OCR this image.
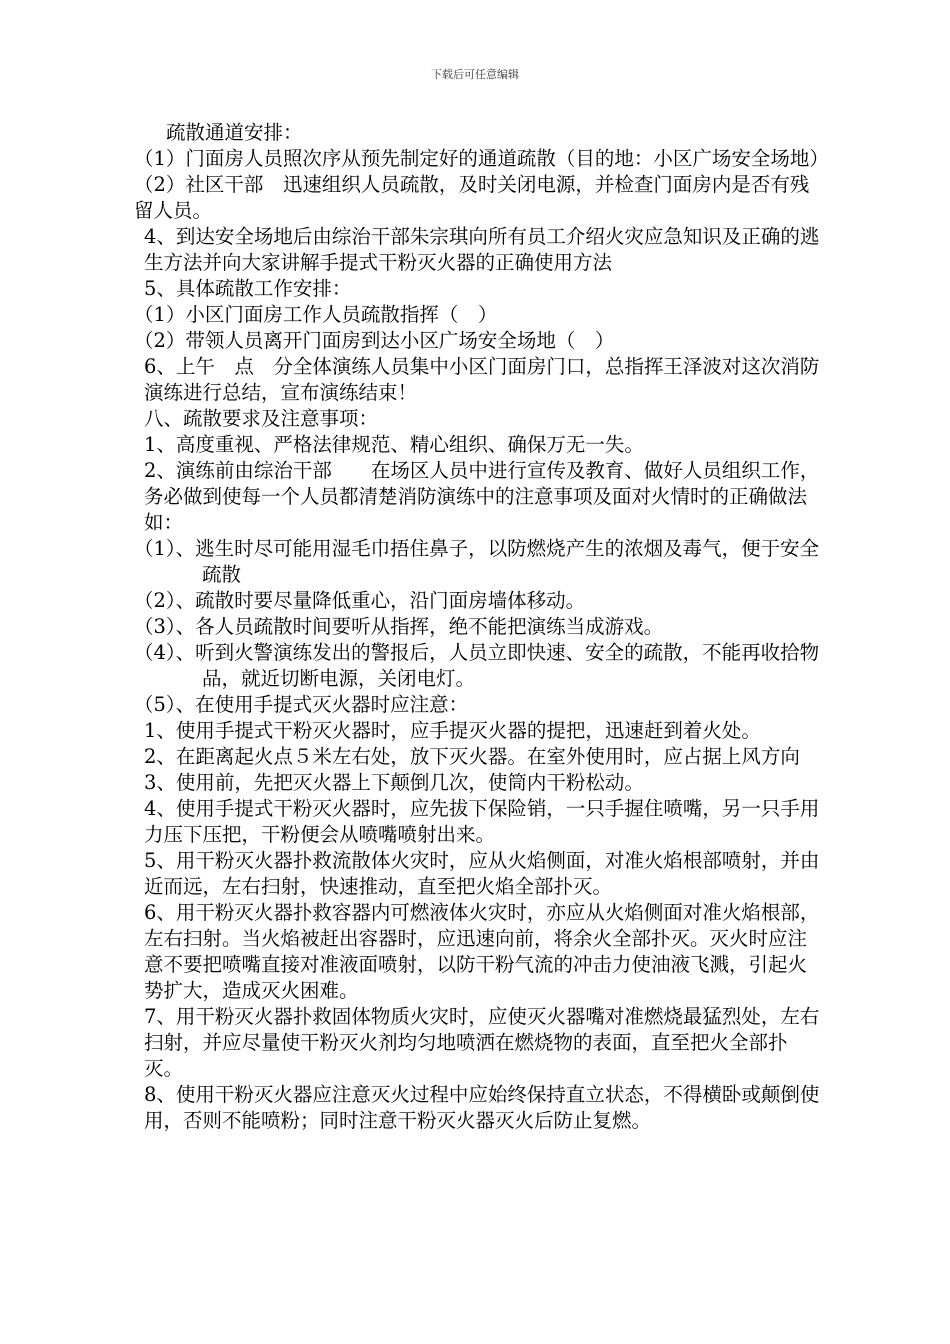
下载后可任意编辑

疏散通道安排：

（1）门面房人员照次序从预先制定好的通道疏散（目的地：小区广场安全场地）

（2）社区干部　迅速组织人员疏散，及时关闭电源，并检查门面房内是否有残留人员。

4、到达安全场地后由综治干部朱宗琪向所有员工介绍火灾应急知识及正确的逃生方法并向大家讲解手提式干粉灭火器的正确使用方法

5、具体疏散工作安排：

（1）小区门面房工作人员疏散指挥（　）

（2）带领人员离开门面房到达小区广场安全场地（　）

6、上午　点　分全体演练人员集中小区门面房门口，总指挥王泽波对这次消防演练进行总结，宣布演练结束！

八、疏散要求及注意事项：

1、高度重视、严格法律规范、精心组织、确保万无一失。

2、演练前由综治干部　　在场区人员中进行宣传及教育、做好人员组织工作，务必做到使每一个人员都清楚消防演练中的注意事项及面对火情时的正确做法如：

（1）、逃生时尽可能用湿毛巾捂住鼻子，以防燃烧产生的浓烟及毒气，便于安全疏散

（2）、疏散时要尽量降低重心，沿门面房墙体移动。

（3）、各人员疏散时间要听从指挥，绝不能把演练当成游戏。

（4）、听到火警演练发出的警报后，人员立即快速、安全的疏散，不能再收拾物品，就近切断电源，关闭电灯。

（5）、在使用手提式灭火器时应注意：

1、使用手提式干粉灭火器时，应手提灭火器的提把，迅速赶到着火处。

2、在距离起火点５米左右处，放下灭火器。在室外使用时，应占据上风方向

3、使用前，先把灭火器上下颠倒几次，使筒内干粉松动。

4、使用手提式干粉灭火器时，应先拔下保险销，一只手握住喷嘴，另一只手用力压下压把，干粉便会从喷嘴喷射出来。

5、用干粉灭火器扑救流散体火灾时，应从火焰侧面，对准火焰根部喷射，并由近而远，左右扫射，快速推动，直至把火焰全部扑灭。

6、用干粉灭火器扑救容器内可燃液体火灾时，亦应从火焰侧面对准火焰根部，左右扫射。当火焰被赶出容器时，应迅速向前，将余火全部扑灭。灭火时应注意不要把喷嘴直接对准液面喷射，以防干粉气流的冲击力使油液飞溅，引起火势扩大，造成灭火困难。

7、用干粉灭火器扑救固体物质火灾时，应使灭火器嘴对准燃烧最猛烈处，左右扫射，并应尽量使干粉灭火剂均匀地喷洒在燃烧物的表面，直至把火全部扑灭。

8、使用干粉灭火器应注意灭火过程中应始终保持直立状态，不得横卧或颠倒使用，否则不能喷粉；同时注意干粉灭火器灭火后防止复燃。
